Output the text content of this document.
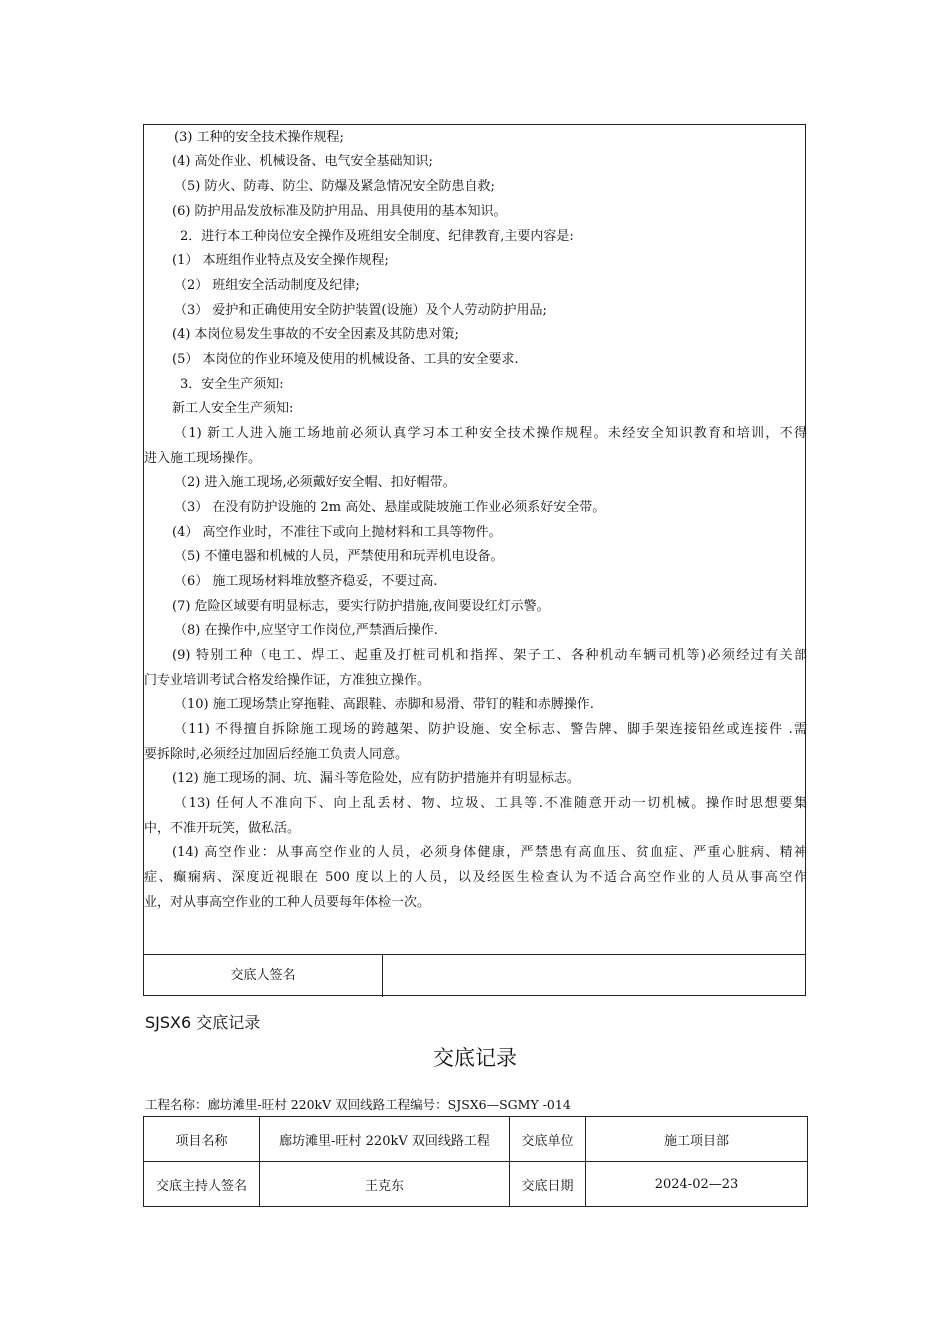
(3) 工种的安全技术操作规程;
(4) 高处作业、机械设备、电气安全基础知识;
（5) 防火、防毒、防尘、防爆及紧急情况安全防患自救;
(6) 防护用品发放标准及防护用品、用具使用的基本知识。
2．进行本工种岗位安全操作及班组安全制度、纪律教育,主要内容是:
(1） 本班组作业特点及安全操作规程;
（2） 班组安全活动制度及纪律;
（3） 爱护和正确使用安全防护装置(设施）及个人劳动防护用品;
(4) 本岗位易发生事故的不安全因素及其防患对策;
(5） 本岗位的作业环境及使用的机械设备、工具的安全要求.
3．安全生产须知:
新工人安全生产须知:
（1) 新工人进入施工场地前必须认真学习本工种安全技术操作规程。未经安全知识教育和培训，不得
进入施工现场操作。
（2) 进入施工现场,必须戴好安全帽、扣好帽带。
（3） 在没有防护设施的 2m 高处、悬崖或陡坡施工作业必须系好安全带。
(4） 高空作业时，不准往下或向上抛材料和工具等物件。
（5) 不懂电器和机械的人员，严禁使用和玩弄机电设备。
（6） 施工现场材料堆放整齐稳妥，不要过高.
(7) 危险区域要有明显标志，要实行防护措施,夜间要设红灯示警。
（8) 在操作中,应坚守工作岗位,严禁酒后操作.
(9) 特别工种（电工、焊工、起重及打桩司机和指挥、架子工、各种机动车辆司机等)必须经过有关部
门专业培训考试合格发给操作证，方准独立操作。
（10) 施工现场禁止穿拖鞋、高跟鞋、赤脚和易滑、带钉的鞋和赤膊操作.
（11) 不得擅自拆除施工现场的跨越架、防护设施、安全标志、警告牌、脚手架连接铅丝或连接件 .需
要拆除时,必须经过加固后经施工负责人同意。
(12) 施工现场的洞、坑、漏斗等危险处，应有防护措施并有明显标志。
（13) 任何人不准向下、向上乱丢材、物、垃圾、工具等.不准随意开动一切机械。操作时思想要集
中，不准开玩笑，做私活。
(14) 高空作业：从事高空作业的人员，必须身体健康，严禁患有高血压、贫血症、严重心脏病、精神
症、癫痫病、深度近视眼在 500 度以上的人员，以及经医生检查认为不适合高空作业的人员从事高空作
业，对从事高空作业的工种人员要每年体检一次。
交底人签名
SJSX6 交底记录
交底记录
工程名称：廊坊滩里-旺村 220kV 双回线路工程编号：SJSX6—SGMY -014
项目名称	廊坊滩里-旺村 220kV 双回线路工程	交底单位	施工项目部
交底主持人签名	王克东	交底日期	2024-02—23
